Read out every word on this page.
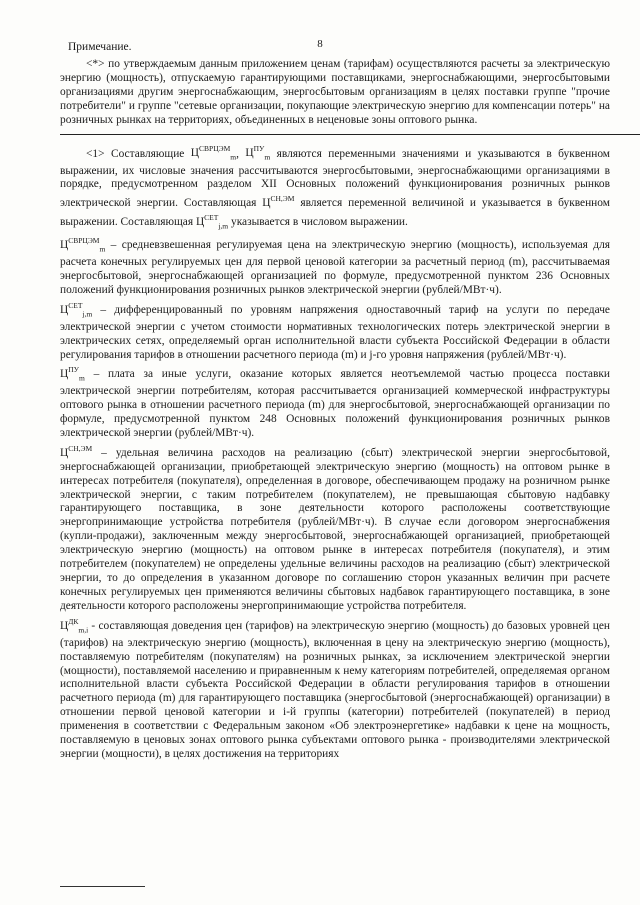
8
Примечание.

<*> по утверждаемым данным приложением ценам (тарифам) осуществляются расчеты за электрическую энергию (мощность), отпускаемую гарантирующими поставщиками, энергоснабжающими, энергосбытовыми организациями другим энергоснабжающим, энергосбытовым организациям в целях поставки группе "прочие потребители" и группе "сетевые организации, покупающие электрическую энергию для компенсации потерь" на розничных рынках на территориях, объединенных в неценовые зоны оптового рынка.

<1> Составляющие $Ц^{СВРЦЭМ}_m$, $Ц^{ПУ}_m$ являются переменными значениями и указываются в буквенном выражении, их числовые значения рассчитываются энергосбытовыми, энергоснабжающими организациями в порядке, предусмотренном разделом XII Основных положений функционирования розничных рынков электрической энергии. Составляющая $Ц^{СН,ЭМ}$ является переменной величиной и указывается в буквенном выражении. Составляющая $Ц^{СЕТ}_{j,m}$ указывается в числовом выражении.

$Ц^{СВРЦЭМ}_m$ – средневзвешенная регулируемая цена на электрическую энергию (мощность), используемая для расчета конечных регулируемых цен для первой ценовой категории за расчетный период (m), рассчитываемая энергосбытовой, энергоснабжающей организацией по формуле, предусмотренной пунктом 236 Основных положений функционирования розничных рынков электрической энергии (рублей/МВт·ч).

$Ц^{СЕТ}_{j,m}$ – дифференцированный по уровням напряжения одноставочный тариф на услуги по передаче электрической энергии с учетом стоимости нормативных технологических потерь электрической энергии в электрических сетях, определяемый орган исполнительной власти субъекта Российской Федерации в области регулирования тарифов в отношении расчетного периода (m) и j-го уровня напряжения (рублей/МВт·ч).

$Ц^{ПУ}_m$ – плата за иные услуги, оказание которых является неотъемлемой частью процесса поставки электрической энергии потребителям, которая рассчитывается организацией коммерческой инфраструктуры оптового рынка в отношении расчетного периода (m) для энергосбытовой, энергоснабжающей организации по формуле, предусмотренной пунктом 248 Основных положений функционирования розничных рынков электрической энергии (рублей/МВт·ч).

$Ц^{СН,ЭМ}$ – удельная величина расходов на реализацию (сбыт) электрической энергии энергосбытовой, энергоснабжающей организации, приобретающей электрическую энергию (мощность) на оптовом рынке в интересах потребителя (покупателя), определенная в договоре, обеспечивающем продажу на розничном рынке электрической энергии, с таким потребителем (покупателем), не превышающая сбытовую надбавку гарантирующего поставщика, в зоне деятельности которого расположены соответствующие энергопринимающие устройства потребителя (рублей/МВт·ч). В случае если договором энергоснабжения (купли-продажи), заключенным между энергосбытовой, энергоснабжающей организацией, приобретающей электрическую энергию (мощность) на оптовом рынке в интересах потребителя (покупателя), и этим потребителем (покупателем) не определены удельные величины расходов на реализацию (сбыт) электрической энергии, то до определения в указанном договоре по соглашению сторон указанных величин при расчете конечных регулируемых цен применяются величины сбытовых надбавок гарантирующего поставщика, в зоне деятельности которого расположены энергопринимающие устройства потребителя.

$Ц^{ДК}_{m,i}$ - составляющая доведения цен (тарифов) на электрическую энергию (мощность) до базовых уровней цен (тарифов) на электрическую энергию (мощность), включенная в цену на электрическую энергию (мощность), поставляемую потребителям (покупателям) на розничных рынках, за исключением электрической энергии (мощности), поставляемой населению и приравненным к нему категориям потребителей, определяемая органом исполнительной власти субъекта Российской Федерации в области регулирования тарифов в отношении расчетного периода (m) для гарантирующего поставщика (энергосбытовой (энергоснабжающей) организации) в отношении первой ценовой категории и i-й группы (категории) потребителей (покупателей) в период применения в соответствии с Федеральным законом «Об электроэнергетике» надбавки к цене на мощность, поставляемую в ценовых зонах оптового рынка субъектами оптового рынка - производителями электрической энергии (мощности), в целях достижения на территориях
